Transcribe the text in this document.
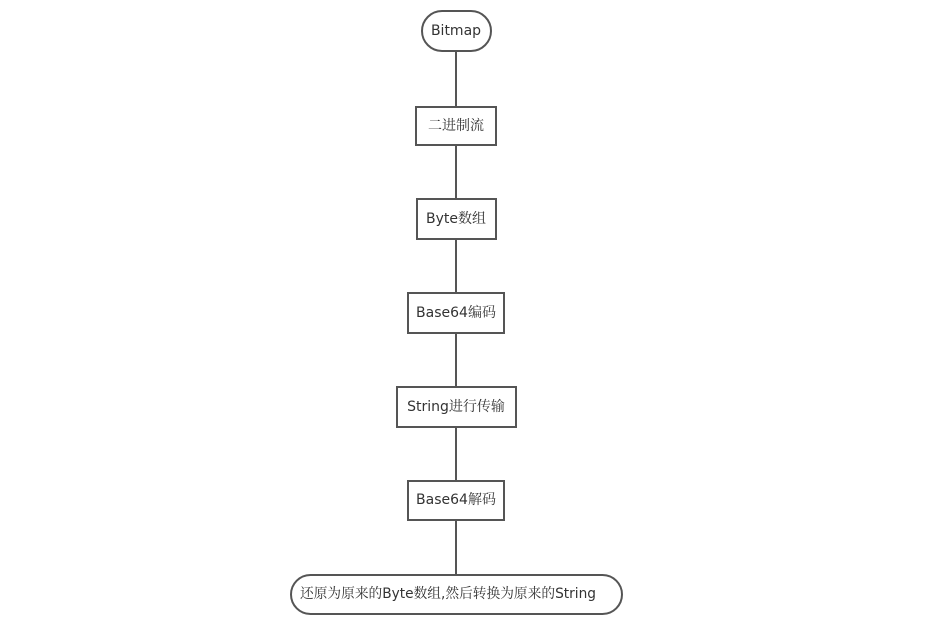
Bitmap
二进制流
Byte数组
Base64编码
String进行传输
Base64解码
还原为原来的Byte数组,然后转换为原来的String
